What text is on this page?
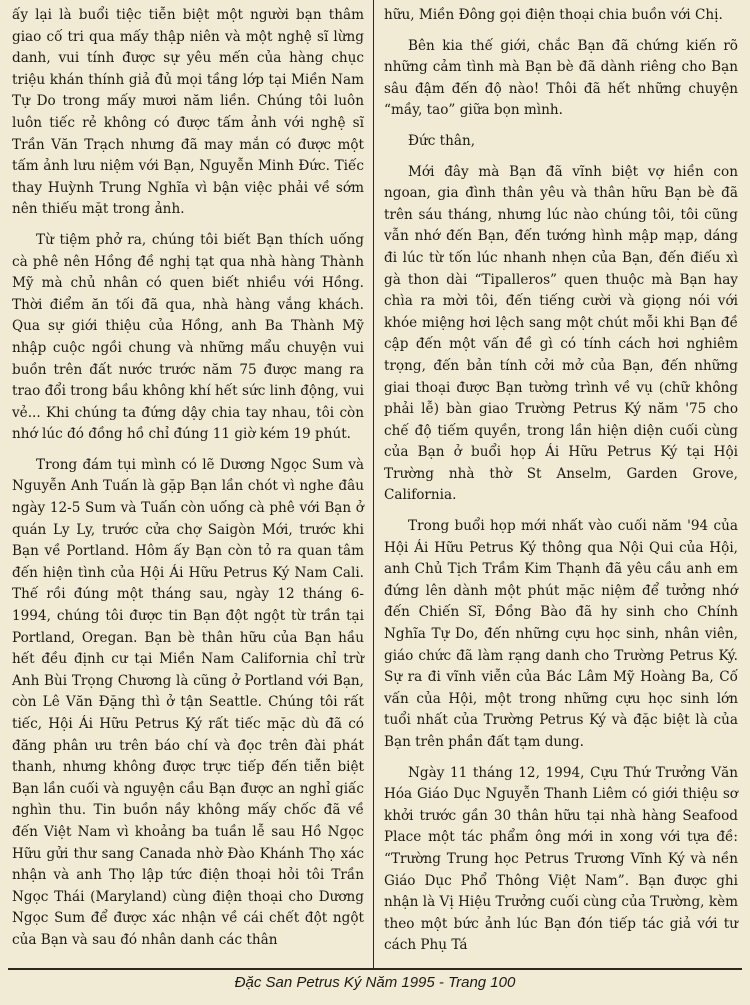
ấy lại là buổi tiệc tiễn biệt một người bạn thâm giao cố tri qua mấy thập niên và một nghệ sĩ lừng danh, vui tính được sự yêu mến của hàng chục triệu khán thính giả đủ mọi tầng lớp tại Miền Nam Tự Do trong mấy mươi năm liền. Chúng tôi luôn luôn tiếc rẻ không có được tấm ảnh với nghệ sĩ Trần Văn Trạch nhưng đã may mắn có được một tấm ảnh lưu niệm với Bạn, Nguyễn Minh Đức. Tiếc thay Huỳnh Trung Nghĩa vì bận việc phải về sớm nên thiếu mặt trong ảnh.

Từ tiệm phở ra, chúng tôi biết Bạn thích uống cà phê nên Hồng đề nghị tạt qua nhà hàng Thành Mỹ mà chủ nhân có quen biết nhiều với Hồng. Thời điểm ăn tối đã qua, nhà hàng vắng khách. Qua sự giới thiệu của Hồng, anh Ba Thành Mỹ nhập cuộc ngồi chung và những mẩu chuyện vui buồn trên đất nước trước năm 75 được mang ra trao đổi trong bầu không khí hết sức linh động, vui vẻ... Khi chúng ta đứng dậy chia tay nhau, tôi còn nhớ lúc đó đồng hồ chỉ đúng 11 giờ kém 19 phút.

Trong đám tụi mình có lẽ Dương Ngọc Sum và Nguyễn Anh Tuấn là gặp Bạn lần chót vì nghe đâu ngày 12-5 Sum và Tuấn còn uống cà phê với Bạn ở quán Ly Ly, trước cửa chợ Saigòn Mới, trước khi Bạn về Portland. Hôm ấy Bạn còn tỏ ra quan tâm đến hiện tình của Hội Ái Hữu Petrus Ký Nam Cali. Thế rồi đúng một tháng sau, ngày 12 tháng 6-1994, chúng tôi được tin Bạn đột ngột từ trần tại Portland, Oregan. Bạn bè thân hữu của Bạn hầu hết đều định cư tại Miền Nam California chỉ trừ Anh Bùi Trọng Chương là cũng ở Portland với Bạn, còn Lê Văn Đặng thì ở tận Seattle. Chúng tôi rất tiếc, Hội Ái Hữu Petrus Ký rất tiếc mặc dù đã có đăng phân ưu trên báo chí và đọc trên đài phát thanh, nhưng không được trực tiếp đến tiễn biệt Bạn lần cuối và nguyện cầu Bạn được an nghỉ giấc nghìn thu. Tin buồn nầy không mấy chốc đã về đến Việt Nam vì khoảng ba tuần lễ sau Hồ Ngọc Hữu gửi thư sang Canada nhờ Đào Khánh Thọ xác nhận và anh Thọ lập tức điện thoại hỏi tôi Trần Ngọc Thái (Maryland) cùng điện thoại cho Dương Ngọc Sum để được xác nhận về cái chết đột ngột của Bạn và sau đó nhân danh các thân

hữu, Miền Đông gọi điện thoại chia buồn với Chị.

Bên kia thế giới, chắc Bạn đã chứng kiến rõ những cảm tình mà Bạn bè đã dành riêng cho Bạn sâu đậm đến độ nào! Thôi đã hết những chuyện “mầy, tao” giữa bọn mình.

Đức thân,

Mới đây mà Bạn đã vĩnh biệt vợ hiền con ngoan, gia đình thân yêu và thân hữu Bạn bè đã trên sáu tháng, nhưng lúc nào chúng tôi, tôi cũng vẫn nhớ đến Bạn, đến tướng hình mập mạp, dáng đi lúc từ tốn lúc nhanh nhẹn của Bạn, đến điếu xì gà thon dài “Tipalleros” quen thuộc mà Bạn hay chìa ra mời tôi, đến tiếng cười và giọng nói với khóe miệng hơi lệch sang một chút mỗi khi Bạn đề cập đến một vấn đề gì có tính cách hơi nghiêm trọng, đến bản tính cởi mở của Bạn, đến những giai thoại được Bạn tường trình về vụ (chữ không phải lễ) bàn giao Trường Petrus Ký năm '75 cho chế độ tiếm quyền, trong lần hiện diện cuối cùng của Bạn ở buổi họp Ái Hữu Petrus Ký tại Hội Trường nhà thờ St Anselm, Garden Grove, California.

Trong buổi họp mới nhất vào cuối năm '94 của Hội Ái Hữu Petrus Ký thông qua Nội Qui của Hội, anh Chủ Tịch Trầm Kim Thạnh đã yêu cầu anh em đứng lên dành một phút mặc niệm để tưởng nhớ đến Chiến Sĩ, Đồng Bào đã hy sinh cho Chính Nghĩa Tự Do, đến những cựu học sinh, nhân viên, giáo chức đã làm rạng danh cho Trường Petrus Ký. Sự ra đi vĩnh viễn của Bác Lâm Mỹ Hoàng Ba, Cố vấn của Hội, một trong những cựu học sinh lớn tuổi nhất của Trường Petrus Ký và đặc biệt là của Bạn trên phần đất tạm dung.

Ngày 11 tháng 12, 1994, Cựu Thứ Trưởng Văn Hóa Giáo Dục Nguyễn Thanh Liêm có giới thiệu sơ khởi trước gần 30 thân hữu tại nhà hàng Seafood Place một tác phẩm ông mới in xong với tựa đề: “Trường Trung học Petrus Trương Vĩnh Ký và nền Giáo Dục Phổ Thông Việt Nam”. Bạn được ghi nhận là Vị Hiệu Trưởng cuối cùng của Trường, kèm theo một bức ảnh lúc Bạn đón tiếp tác giả với tư cách Phụ Tá

Đặc San Petrus Ký Năm 1995 - Trang 100
